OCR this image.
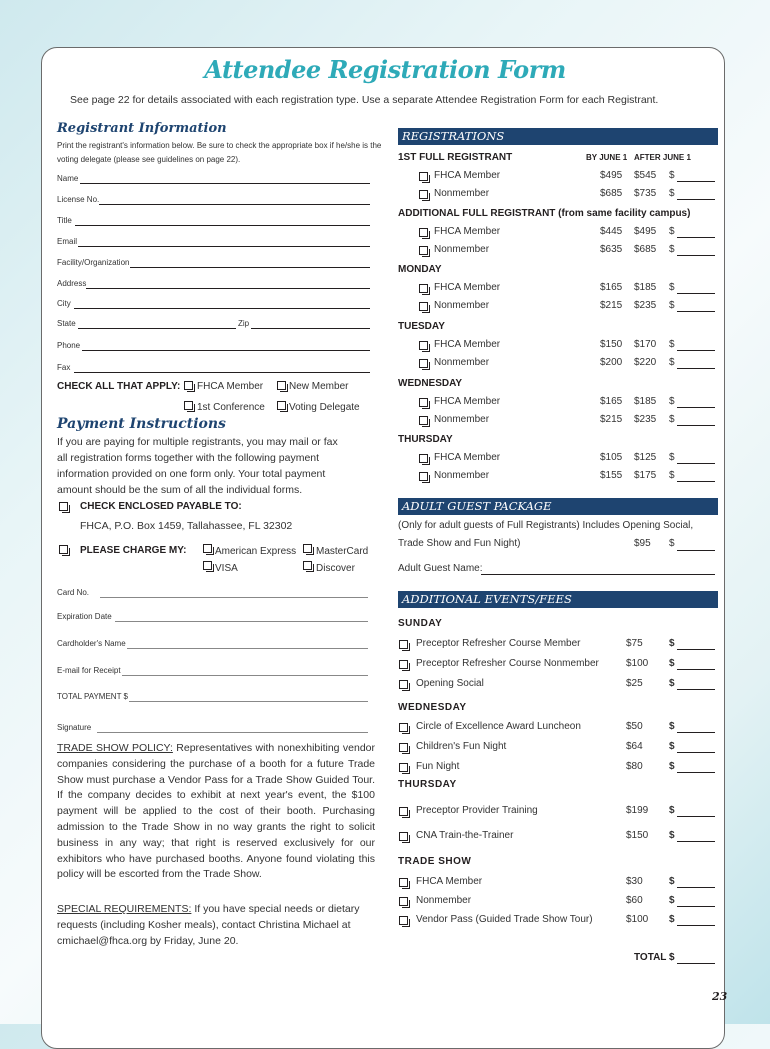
Attendee Registration Form
See page 22 for details associated with each registration type. Use a separate Attendee Registration Form for each Registrant.
Registrant Information
Print the registrant's information below. Be sure to check the appropriate box if he/she is the
voting delegate (please see guidelines on page 22).
Name
License No.
Title
Email
Facility/Organization
Address
City
State	Zip
Phone
Fax
CHECK ALL THAT APPLY: FHCA Member	New Member
1st Conference Voting Delegate
Payment Instructions
If you are paying for multiple registrants, you may mail or fax
all registration forms together with the following payment
information provided on one form only. Your total payment
amount should be the sum of all the individual forms.
CHECK ENCLOSED PAYABLE TO:
FHCA, P.O. Box 1459, Tallahassee, FL 32302
PLEASE CHARGE MY:	American Express MasterCard
VISA	Discover
Card No.
Expiration Date
Cardholder's Name
E-mail for Receipt
TOTAL PAYMENT $
Signature
TRADE SHOW POLICY: Representatives with nonexhibiting vendor companies considering the purchase of a booth for a future Trade Show must purchase a Vendor Pass for a Trade Show Guided Tour. If the company decides to exhibit at next year's event, the $100 payment will be applied to the cost of their booth. Purchasing admission to the Trade Show in no way grants the right to solicit business in any way; that right is reserved exclusively for our exhibitors who have purchased booths. Anyone found violating this policy will be escorted from the Trade Show.
SPECIAL REQUIREMENTS: If you have special needs or dietary requests (including Kosher meals), contact Christina Michael at cmichael@fhca.org by Friday, June 20.
REGISTRATIONS
BY JUNE 1 AFTER JUNE 1
1ST FULL REGISTRANT
FHCA Member	$495 $545 $
Nonmember	$685 $735 $
ADDITIONAL FULL REGISTRANT (from same facility campus)
FHCA Member	$445 $495 $
Nonmember	$635 $685 $
MONDAY
FHCA Member	$165 $185 $
Nonmember	$215 $235 $
TUESDAY
FHCA Member	$150 $170 $
Nonmember	$200 $220 $
WEDNESDAY
FHCA Member	$165 $185 $
Nonmember	$215 $235 $
THURSDAY
FHCA Member	$105 $125 $
Nonmember	$155 $175 $
ADULT GUEST PACKAGE
(Only for adult guests of Full Registrants) Includes Opening Social,
Trade Show and Fun Night)	$95 $
Adult Guest Name:
ADDITIONAL EVENTS/FEES
SUNDAY
Preceptor Refresher Course Member	$75	$
Preceptor Refresher Course Nonmember	$100 $
Opening Social	$25	$
WEDNESDAY
Circle of Excellence Award Luncheon	$50	$
Children's Fun Night	$64	$
Fun Night	$80	$
THURSDAY
Preceptor Provider Training	$199 $
CNA Train-the-Trainer	$150 $
TRADE SHOW
FHCA Member	$30	$
Nonmember	$60	$
Vendor Pass (Guided Trade Show Tour)	$100 $
TOTAL $
23
